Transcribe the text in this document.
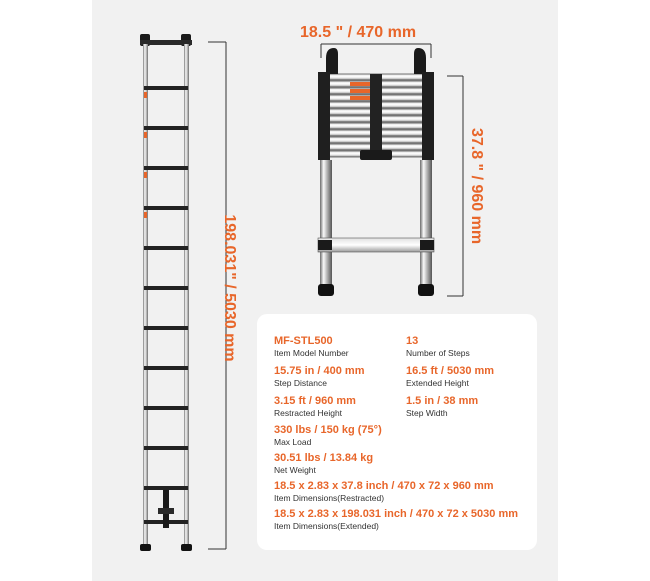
18.5 " / 470 mm
198.031" / 5030 mm
37.8 " / 960 mm
MF-STL500
Item Model Number
13
Number of Steps
15.75 in / 400 mm
Step Distance
16.5 ft / 5030 mm
Extended Height
3.15 ft / 960 mm
Restracted Height
1.5 in / 38 mm
Step Width
330 lbs / 150 kg (75°)
Max Load
30.51 lbs / 13.84 kg
Net Weight
18.5 x 2.83 x 37.8 inch / 470 x 72 x 960 mm
Item Dimensions(Restracted)
18.5 x 2.83 x 198.031 inch / 470 x 72 x 5030 mm
Item Dimensions(Extended)
